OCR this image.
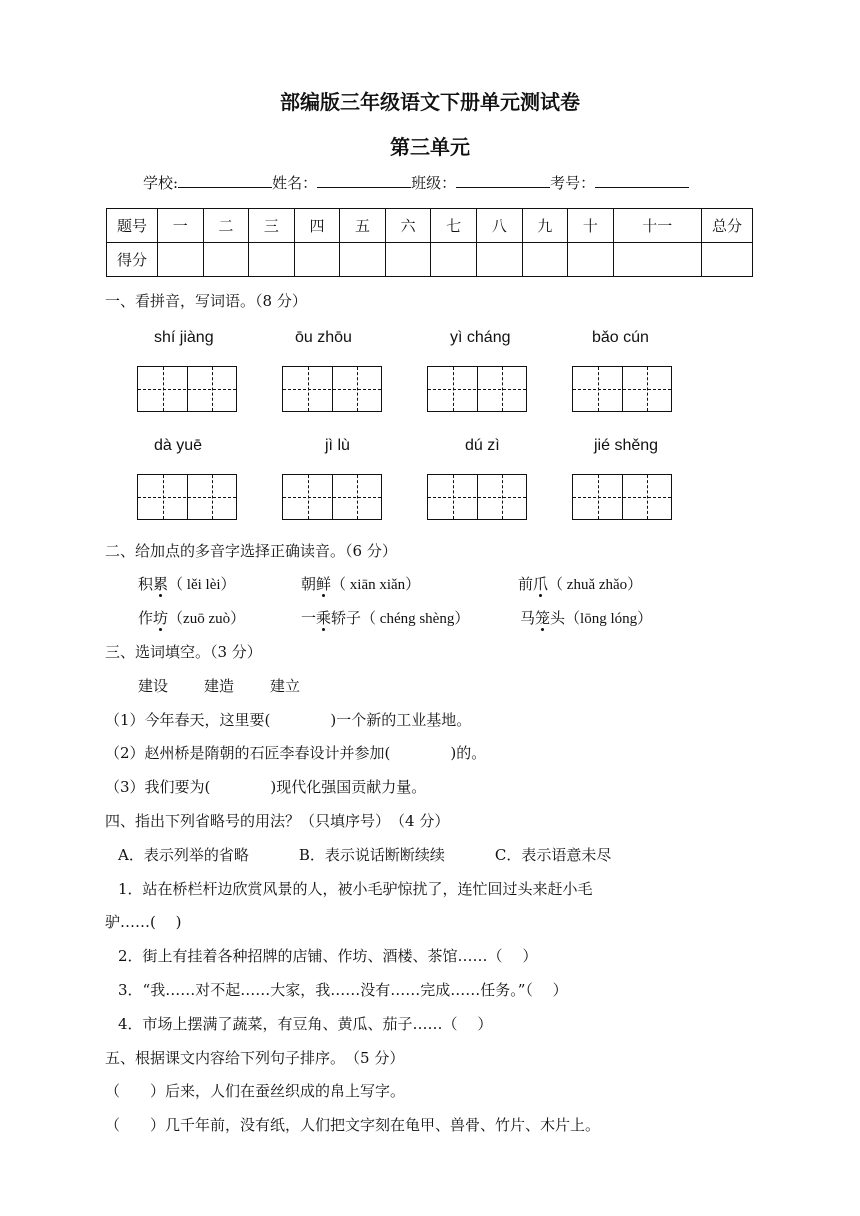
部编版三年级语文下册单元测试卷
第三单元
学校:	姓名：	班级：	考号：
题号	一	二	三	四	五	六	七	八	九	十	十一	总分
得分												
一、看拼音，写词语。（8 分）
shí jiàng	ōu zhōu	yì cháng	bǎo cún
dà yuē	jì lù	dú zì	jié shěng
二、给加点的多音字选择正确读音。（6 分）
积累（ lěi lèi）	朝鲜（ xiān xiǎn）	前爪（ zhuǎ zhǎo）
作坊（zuō zuò）	一乘轿子（ chéng shèng）	马笼头（lōng lóng）
三、选词填空。（3 分）
建设 建造 建立
（1）今年春天，这里要(　　　　)一个新的工业基地。
（2）赵州桥是隋朝的石匠李春设计并参加(　　　　)的。
（3）我们要为(　　　　)现代化强国贡献力量。
四、指出下列省略号的用法？（只填序号）　（4 分）
A．表示列举的省略	B．表示说话断断续续	C．表示语意未尽
1．站在桥栏杆边欣赏风景的人，被小毛驴惊扰了，连忙回过头来赶小毛
驴……(　 )
2．街上有挂着各种招牌的店铺、作坊、酒楼、茶馆……（　 ）
3．“我……对不起……大家，我……没有……完成……任务。”（　 ）
4．市场上摆满了蔬菜，有豆角、黄瓜、茄子……（　 ）
五、根据课文内容给下列句子排序。　（5 分）
（　　）后来，人们在蚕丝织成的帛上写字。
（　　）几千年前，没有纸，人们把文字刻在龟甲、兽骨、竹片、木片上。
